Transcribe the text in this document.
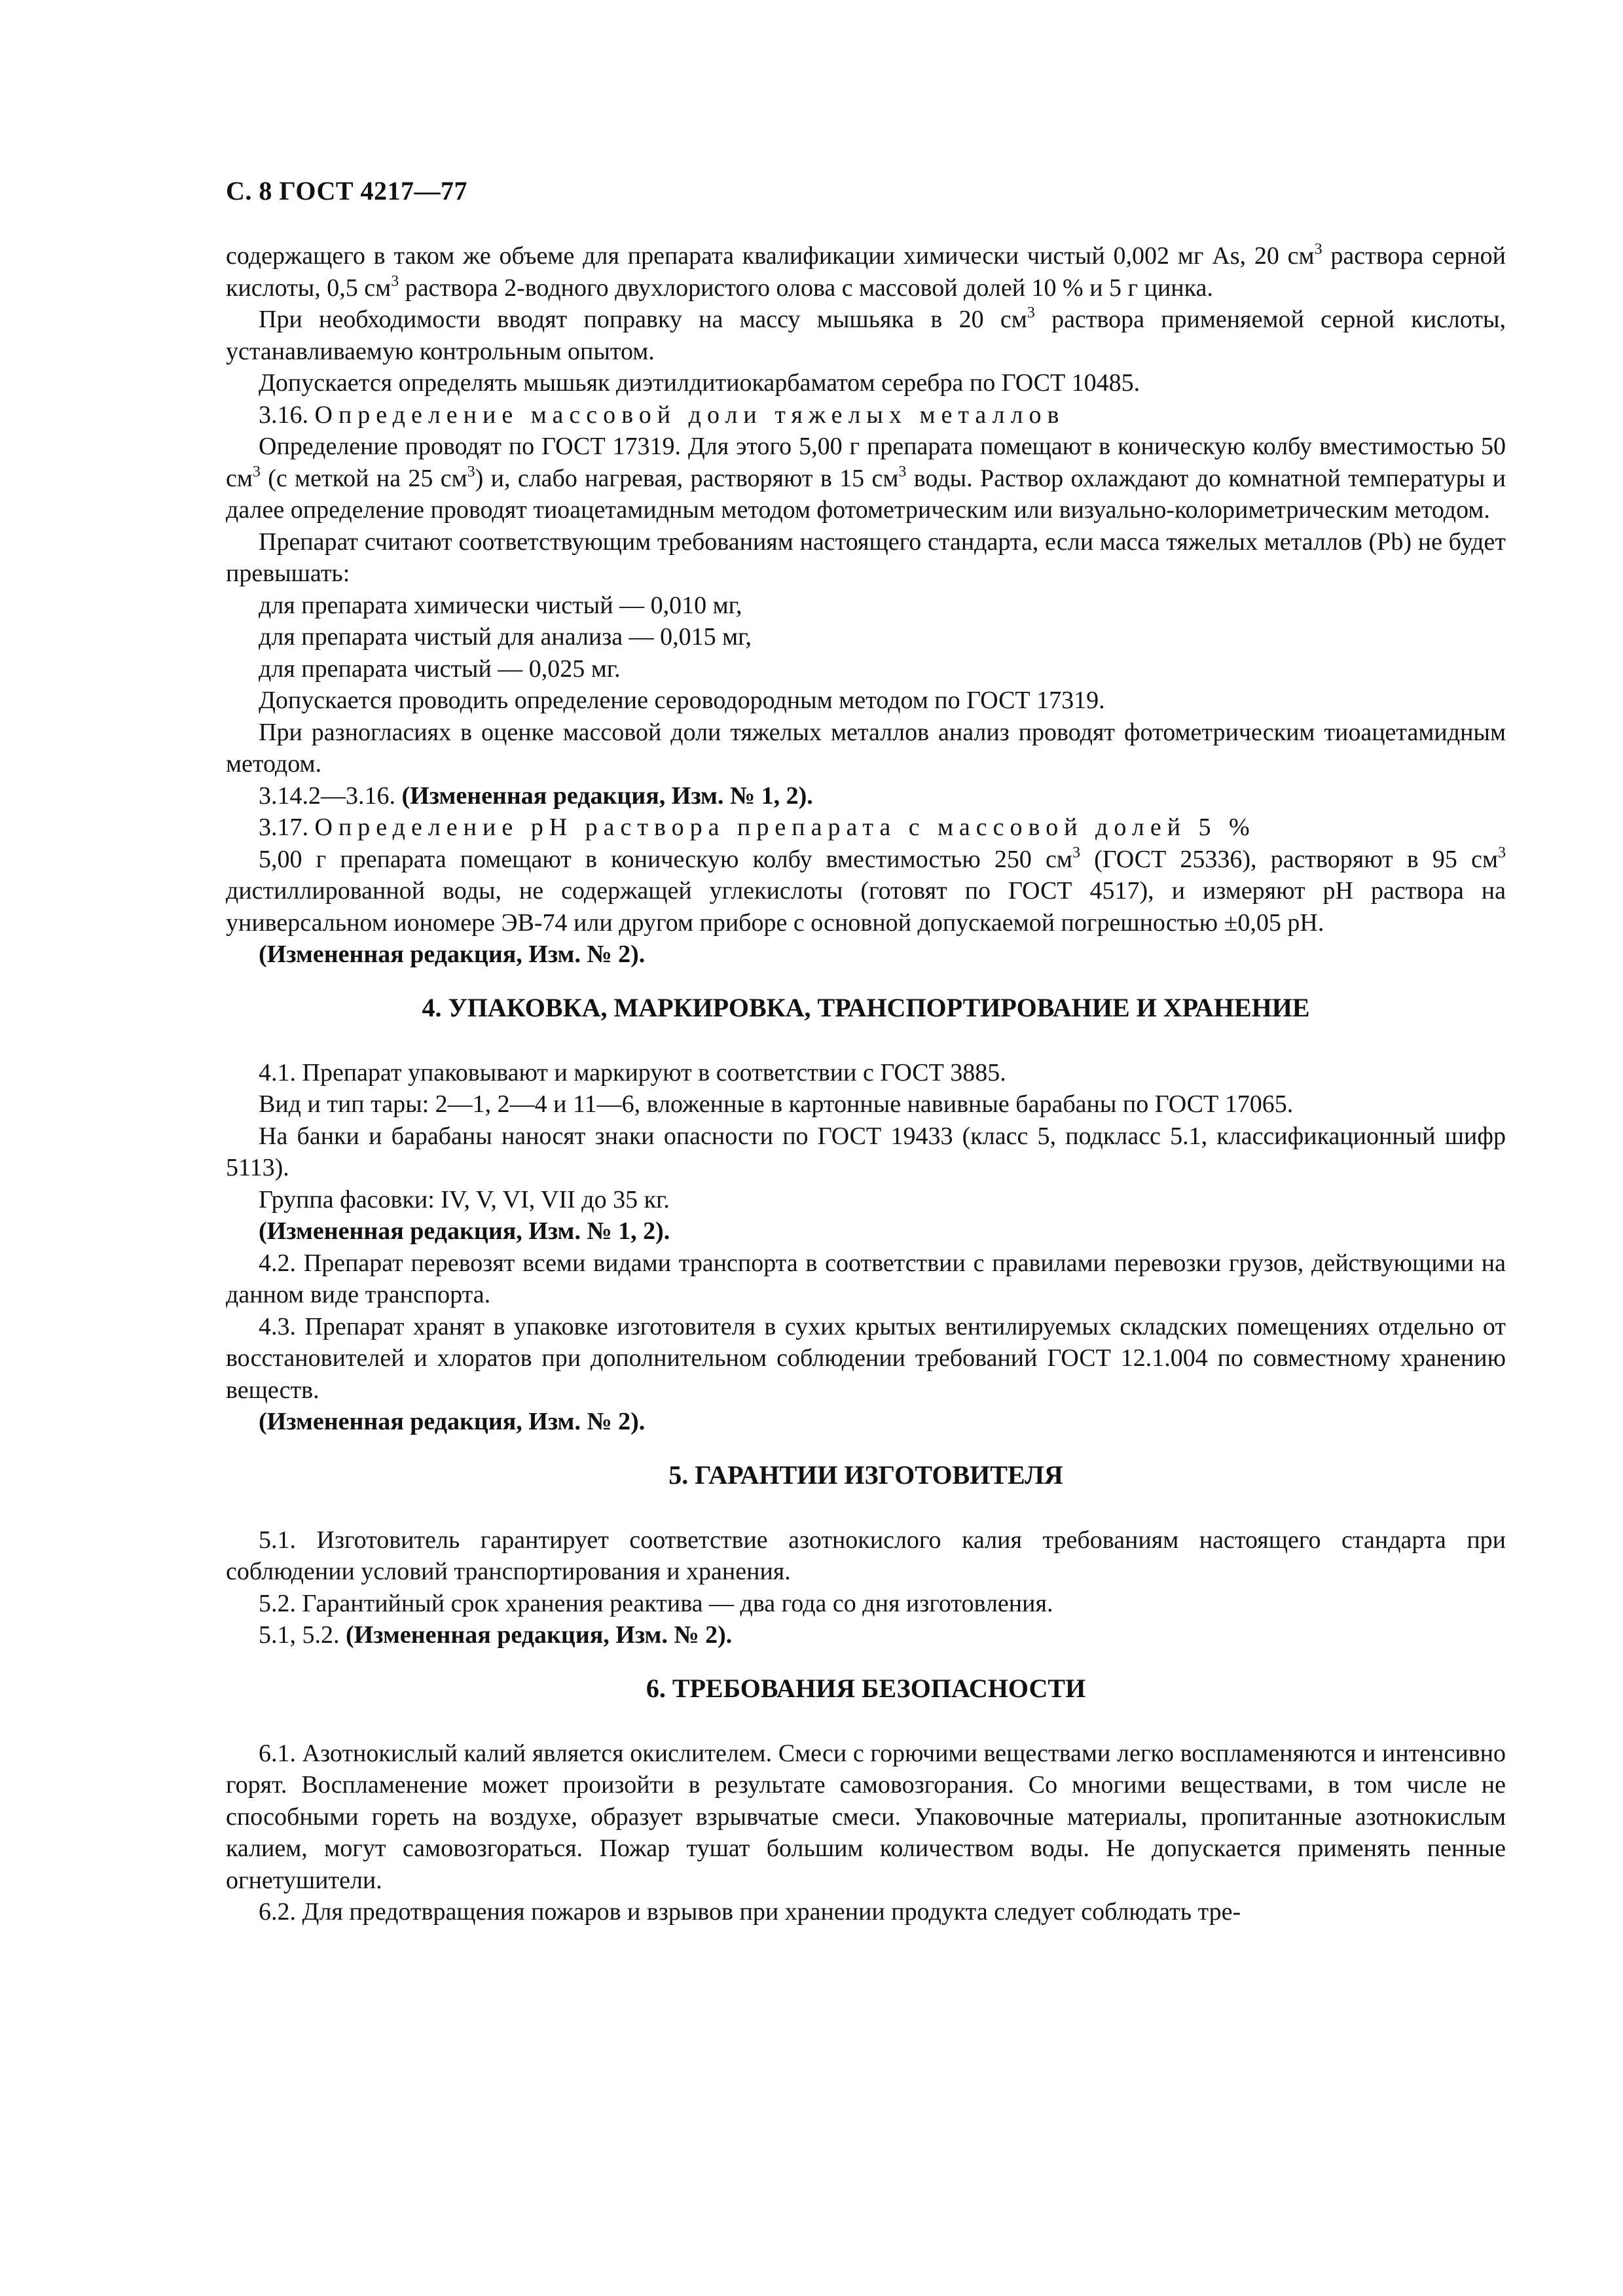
С. 8 ГОСТ 4217—77

содержащего в таком же объеме для препарата квалификации химически чистый 0,002 мг As, 20 $см^3$ раствора серной кислоты, 0,5 $см^3$ раствора 2-водного двухлористого олова с массовой долей 10 % и 5 г цинка.

При необходимости вводят поправку на массу мышьяка в 20 $см^3$ раствора применяемой серной кислоты, устанавливаемую контрольным опытом.

Допускается определять мышьяк диэтилдитиокарбаматом серебра по ГОСТ 10485.

3.16. Определение массовой доли тяжелых металлов

Определение проводят по ГОСТ 17319. Для этого 5,00 г препарата помещают в коническую колбу вместимостью 50 $см^3$ (с меткой на 25 $см^3$) и, слабо нагревая, растворяют в 15 $см^3$ воды. Раствор охлаждают до комнатной температуры и далее определение проводят тиоацетамидным методом фотометрическим или визуально-колориметрическим методом.

Препарат считают соответствующим требованиям настоящего стандарта, если масса тяжелых металлов (Pb) не будет превышать:

для препарата химически чистый — 0,010 мг,

для препарата чистый для анализа — 0,015 мг,

для препарата чистый — 0,025 мг.

Допускается проводить определение сероводородным методом по ГОСТ 17319.

При разногласиях в оценке массовой доли тяжелых металлов анализ проводят фотометрическим тиоацетамидным методом.

3.14.2—3.16. (Измененная редакция, Изм. № 1, 2).

3.17. Определение pH раствора препарата с массовой долей 5 %

5,00 г препарата помещают в коническую колбу вместимостью 250 $см^3$ (ГОСТ 25336), растворяют в 95 $см^3$ дистиллированной воды, не содержащей углекислоты (готовят по ГОСТ 4517), и измеряют pH раствора на универсальном иономере ЭВ-74 или другом приборе с основной допускаемой погрешностью ±0,05 pH.

(Измененная редакция, Изм. № 2).

4. УПАКОВКА, МАРКИРОВКА, ТРАНСПОРТИРОВАНИЕ И ХРАНЕНИЕ

4.1. Препарат упаковывают и маркируют в соответствии с ГОСТ 3885.

Вид и тип тары: 2—1, 2—4 и 11—6, вложенные в картонные навивные барабаны по ГОСТ 17065.

На банки и барабаны наносят знаки опасности по ГОСТ 19433 (класс 5, подкласс 5.1, классификационный шифр 5113).

Группа фасовки: IV, V, VI, VII до 35 кг.

(Измененная редакция, Изм. № 1, 2).

4.2. Препарат перевозят всеми видами транспорта в соответствии с правилами перевозки грузов, действующими на данном виде транспорта.

4.3. Препарат хранят в упаковке изготовителя в сухих крытых вентилируемых складских помещениях отдельно от восстановителей и хлоратов при дополнительном соблюдении требований ГОСТ 12.1.004 по совместному хранению веществ.

(Измененная редакция, Изм. № 2).

5. ГАРАНТИИ ИЗГОТОВИТЕЛЯ

5.1. Изготовитель гарантирует соответствие азотнокислого калия требованиям настоящего стандарта при соблюдении условий транспортирования и хранения.

5.2. Гарантийный срок хранения реактива — два года со дня изготовления.

5.1, 5.2. (Измененная редакция, Изм. № 2).

6. ТРЕБОВАНИЯ БЕЗОПАСНОСТИ

6.1. Азотнокислый калий является окислителем. Смеси с горючими веществами легко воспламеняются и интенсивно горят. Воспламенение может произойти в результате самовозгорания. Со многими веществами, в том числе не способными гореть на воздухе, образует взрывчатые смеси. Упаковочные материалы, пропитанные азотнокислым калием, могут самовозгораться. Пожар тушат большим количеством воды. Не допускается применять пенные огнетушители.

6.2. Для предотвращения пожаров и взрывов при хранении продукта следует соблюдать тре-
